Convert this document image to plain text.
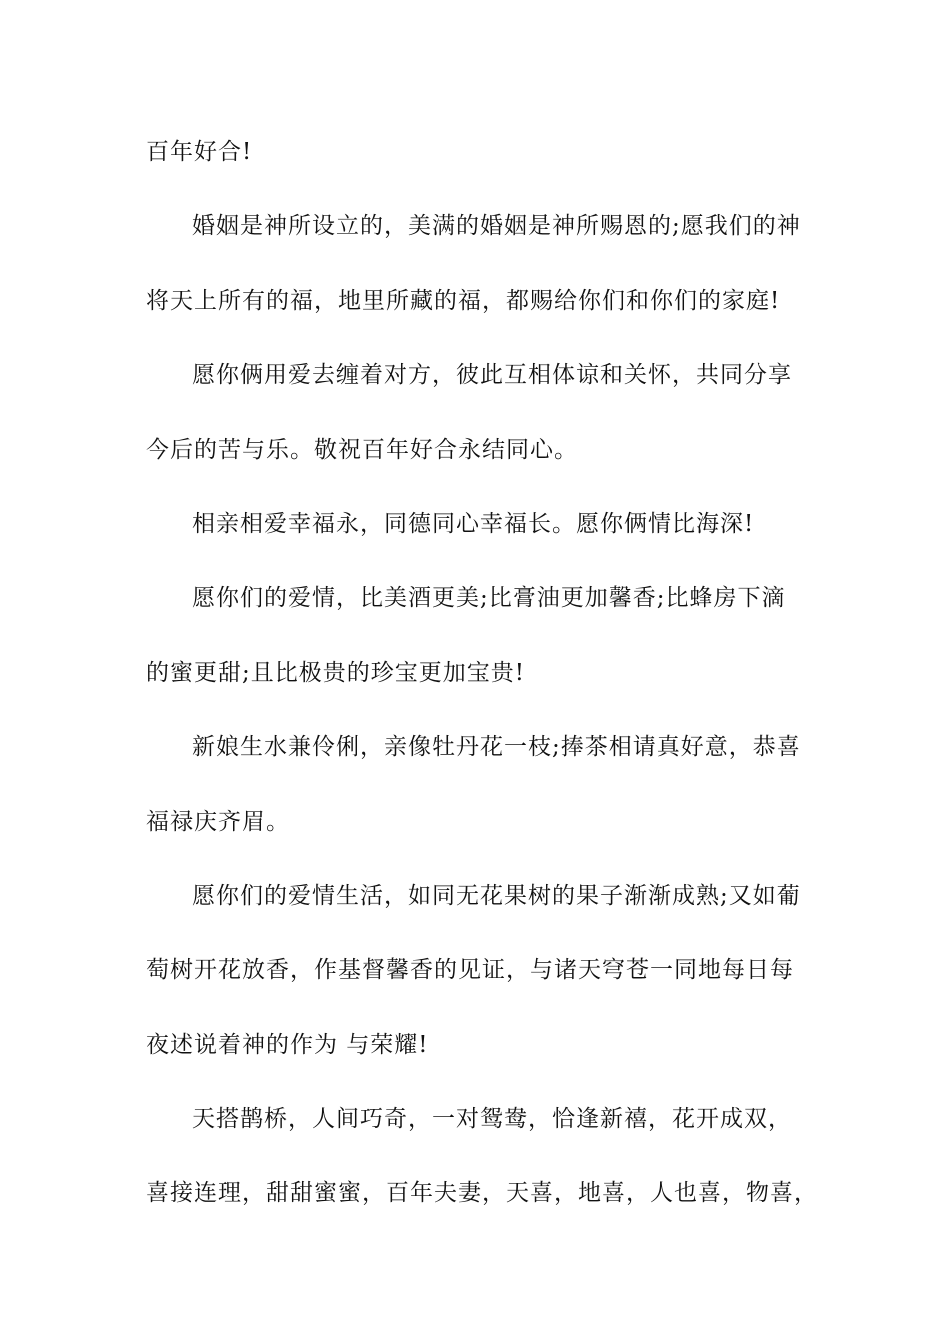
百年好合!
婚姻是神所设立的，美满的婚姻是神所赐恩的;愿我们的神
将天上所有的福，地里所藏的福，都赐给你们和你们的家庭!
愿你俩用爱去缠着对方，彼此互相体谅和关怀，共同分享
今后的苦与乐。敬祝百年好合永结同心。
相亲相爱幸福永，同德同心幸福长。愿你俩情比海深!
愿你们的爱情，比美酒更美;比膏油更加馨香;比蜂房下滴
的蜜更甜;且比极贵的珍宝更加宝贵!
新娘生水兼伶俐，亲像牡丹花一枝;捧茶相请真好意，恭喜
福禄庆齐眉。
愿你们的爱情生活，如同无花果树的果子渐渐成熟;又如葡
萄树开花放香，作基督馨香的见证，与诸天穹苍一同地每日每
夜述说着神的作为 与荣耀!
天搭鹊桥，人间巧奇，一对鸳鸯，恰逢新禧，花开成双，
喜接连理，甜甜蜜蜜，百年夫妻，天喜，地喜，人也喜，物喜，
